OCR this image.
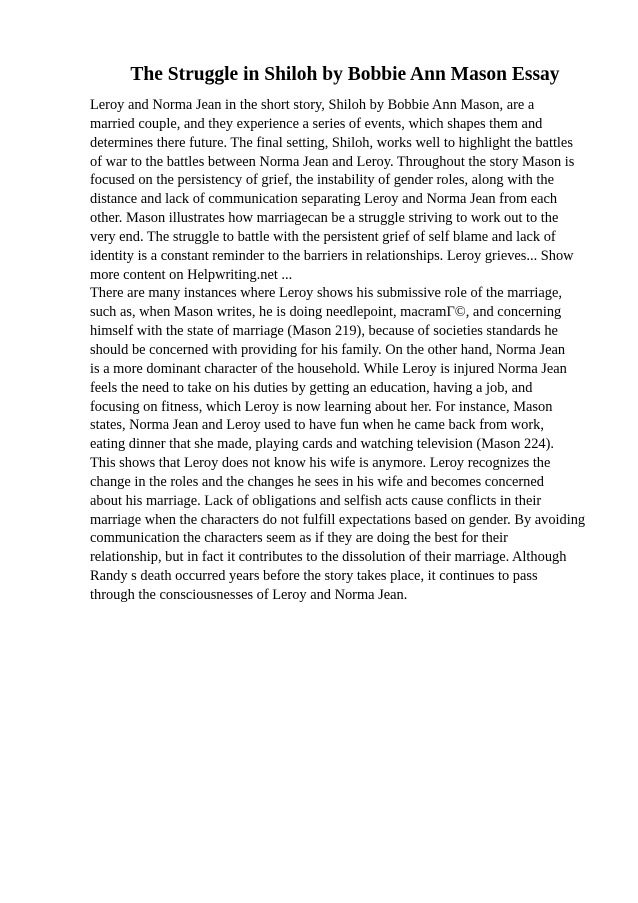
The Struggle in Shiloh by Bobbie Ann Mason Essay
Leroy and Norma Jean in the short story, Shiloh by Bobbie Ann Mason, are a
married couple, and they experience a series of events, which shapes them and
determines there future. The final setting, Shiloh, works well to highlight the battles
of war to the battles between Norma Jean and Leroy. Throughout the story Mason is
focused on the persistency of grief, the instability of gender roles, along with the
distance and lack of communication separating Leroy and Norma Jean from each
other. Mason illustrates how marriagecan be a struggle striving to work out to the
very end. The struggle to battle with the persistent grief of self blame and lack of
identity is a constant reminder to the barriers in relationships. Leroy grieves... Show
more content on Helpwriting.net ...
There are many instances where Leroy shows his submissive role of the marriage,
such as, when Mason writes, he is doing needlepoint, macramГ©, and concerning
himself with the state of marriage (Mason 219), because of societies standards he
should be concerned with providing for his family. On the other hand, Norma Jean
is a more dominant character of the household. While Leroy is injured Norma Jean
feels the need to take on his duties by getting an education, having a job, and
focusing on fitness, which Leroy is now learning about her. For instance, Mason
states, Norma Jean and Leroy used to have fun when he came back from work,
eating dinner that she made, playing cards and watching television (Mason 224).
This shows that Leroy does not know his wife is anymore. Leroy recognizes the
change in the roles and the changes he sees in his wife and becomes concerned
about his marriage. Lack of obligations and selfish acts cause conflicts in their
marriage when the characters do not fulfill expectations based on gender. By avoiding
communication the characters seem as if they are doing the best for their
relationship, but in fact it contributes to the dissolution of their marriage. Although
Randy s death occurred years before the story takes place, it continues to pass
through the consciousnesses of Leroy and Norma Jean.
